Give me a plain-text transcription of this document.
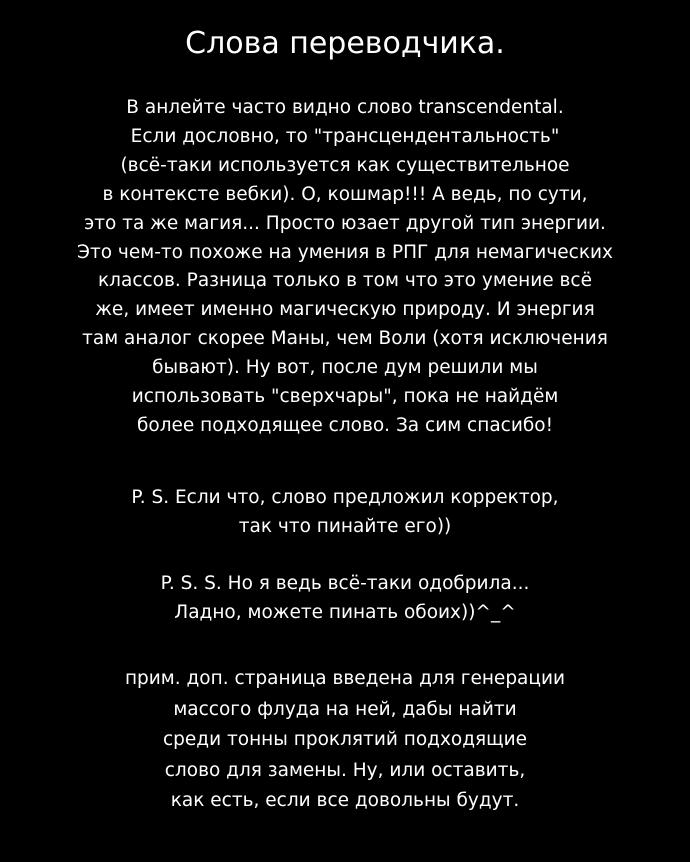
Слова переводчика.
В анлейте часто видно слово transcendental.
Если дословно, то "трансцендентальность"
(всё-таки используется как существительное
в контексте вебки). О, кошмар!!! А ведь, по сути,
это та же магия... Просто юзает другой тип энергии.
Это чем-то похоже на умения в РПГ для немагических
классов. Разница только в том что это умение всё
же, имеет именно магическую природу. И энергия
там аналог скорее Маны, чем Воли (хотя исключения
бывают). Ну вот, после дум решили мы
использовать "сверхчары", пока не найдём
более подходящее слово. За сим спасибо!
P. S. Если что, слово предложил корректор,
так что пинайте его))
P. S. S. Но я ведь всё-таки одобрила...
Ладно, можете пинать обоих))^_^
прим. доп. страница введена для генерации
массого флуда на ней, дабы найти
среди тонны проклятий подходящие
слово для замены. Ну, или оставить,
как есть, если все довольны будут.
